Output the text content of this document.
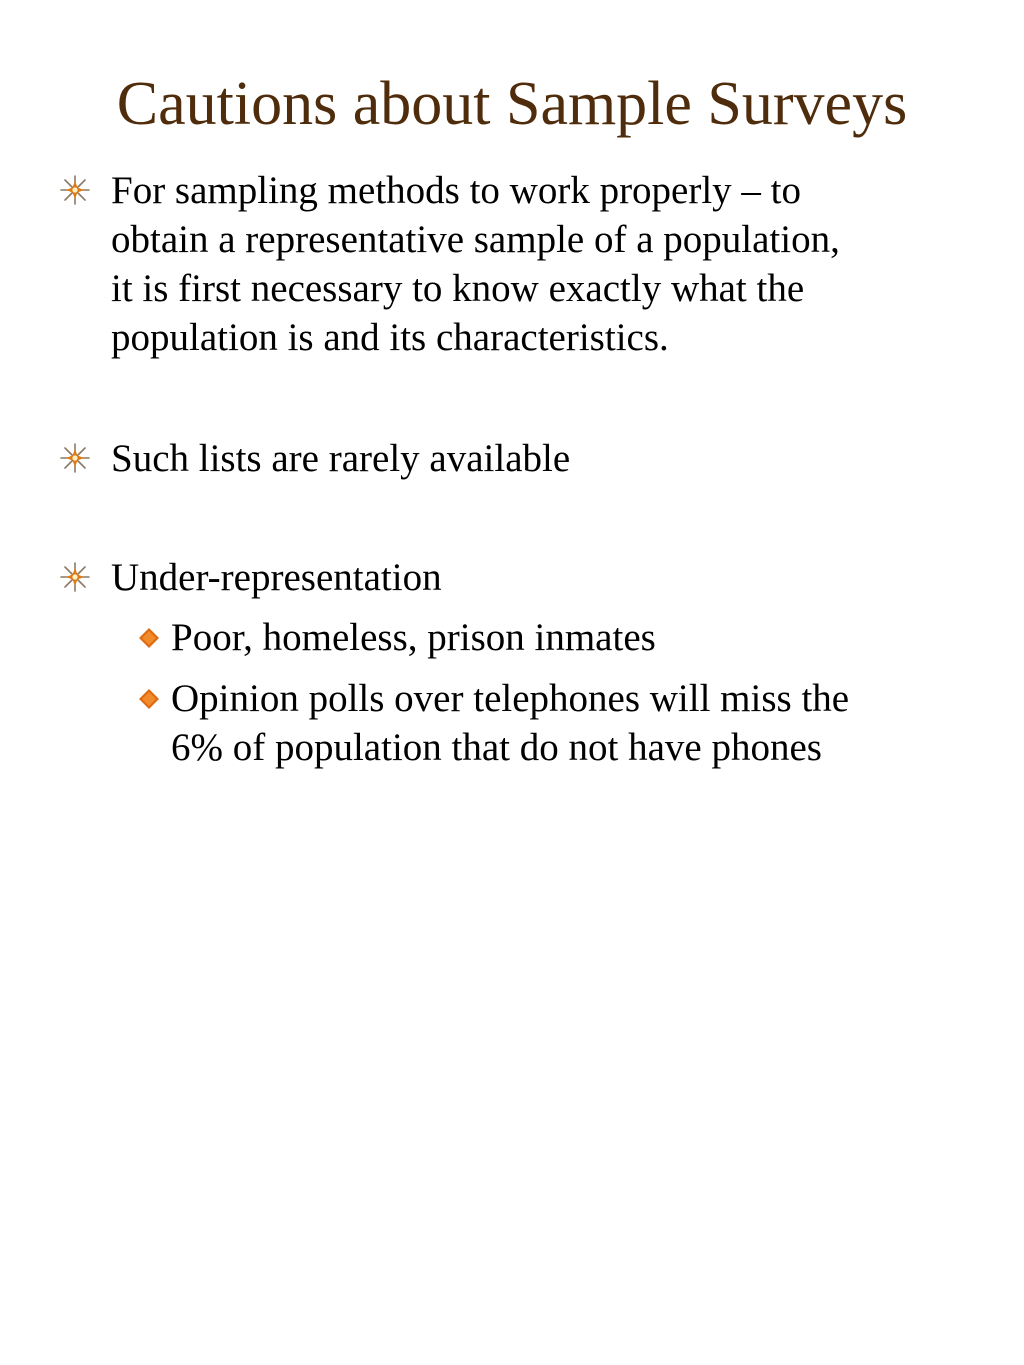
Cautions about Sample Surveys
For sampling methods to work properly – to
obtain a representative sample of a population,
it is first necessary to know exactly what the
population is and its characteristics.
Such lists are rarely available
Under-representation
Poor, homeless, prison inmates
Opinion polls over telephones will miss the
6% of population that do not have phones
